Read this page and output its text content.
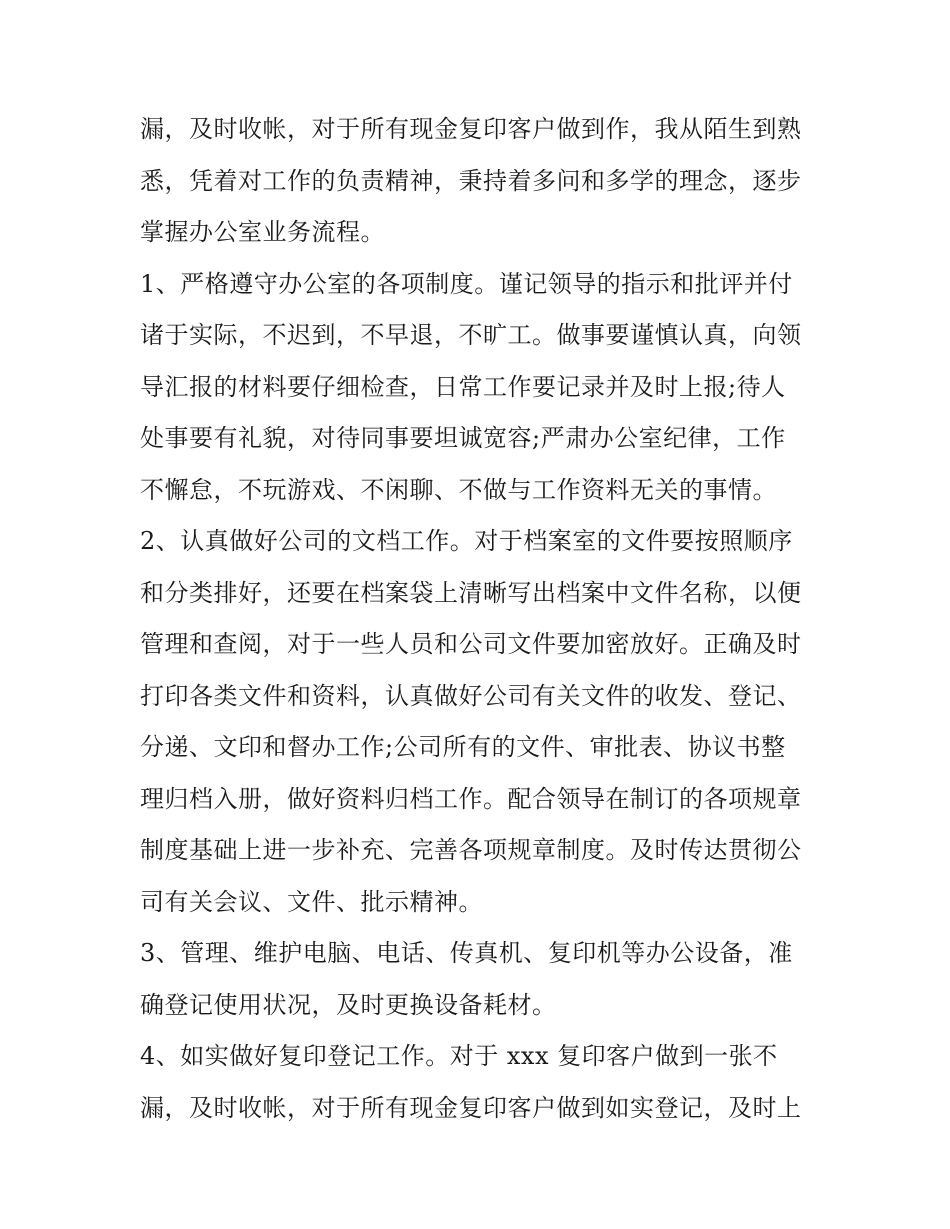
漏，及时收帐，对于所有现金复印客户做到作，我从陌生到熟
悉，凭着对工作的负责精神，秉持着多问和多学的理念，逐步
掌握办公室业务流程。
1、严格遵守办公室的各项制度。谨记领导的指示和批评并付
诸于实际，不迟到，不早退，不旷工。做事要谨慎认真，向领
导汇报的材料要仔细检查，日常工作要记录并及时上报;待人
处事要有礼貌，对待同事要坦诚宽容;严肃办公室纪律，工作
不懈怠，不玩游戏、不闲聊、不做与工作资料无关的事情。
2、认真做好公司的文档工作。对于档案室的文件要按照顺序
和分类排好，还要在档案袋上清晰写出档案中文件名称，以便
管理和查阅，对于一些人员和公司文件要加密放好。正确及时
打印各类文件和资料，认真做好公司有关文件的收发、登记、
分递、文印和督办工作;公司所有的文件、审批表、协议书整
理归档入册，做好资料归档工作。配合领导在制订的各项规章
制度基础上进一步补充、完善各项规章制度。及时传达贯彻公
司有关会议、文件、批示精神。
3、管理、维护电脑、电话、传真机、复印机等办公设备，准
确登记使用状况，及时更换设备耗材。
4、如实做好复印登记工作。对于 xxx 复印客户做到一张不
漏，及时收帐，对于所有现金复印客户做到如实登记，及时上
